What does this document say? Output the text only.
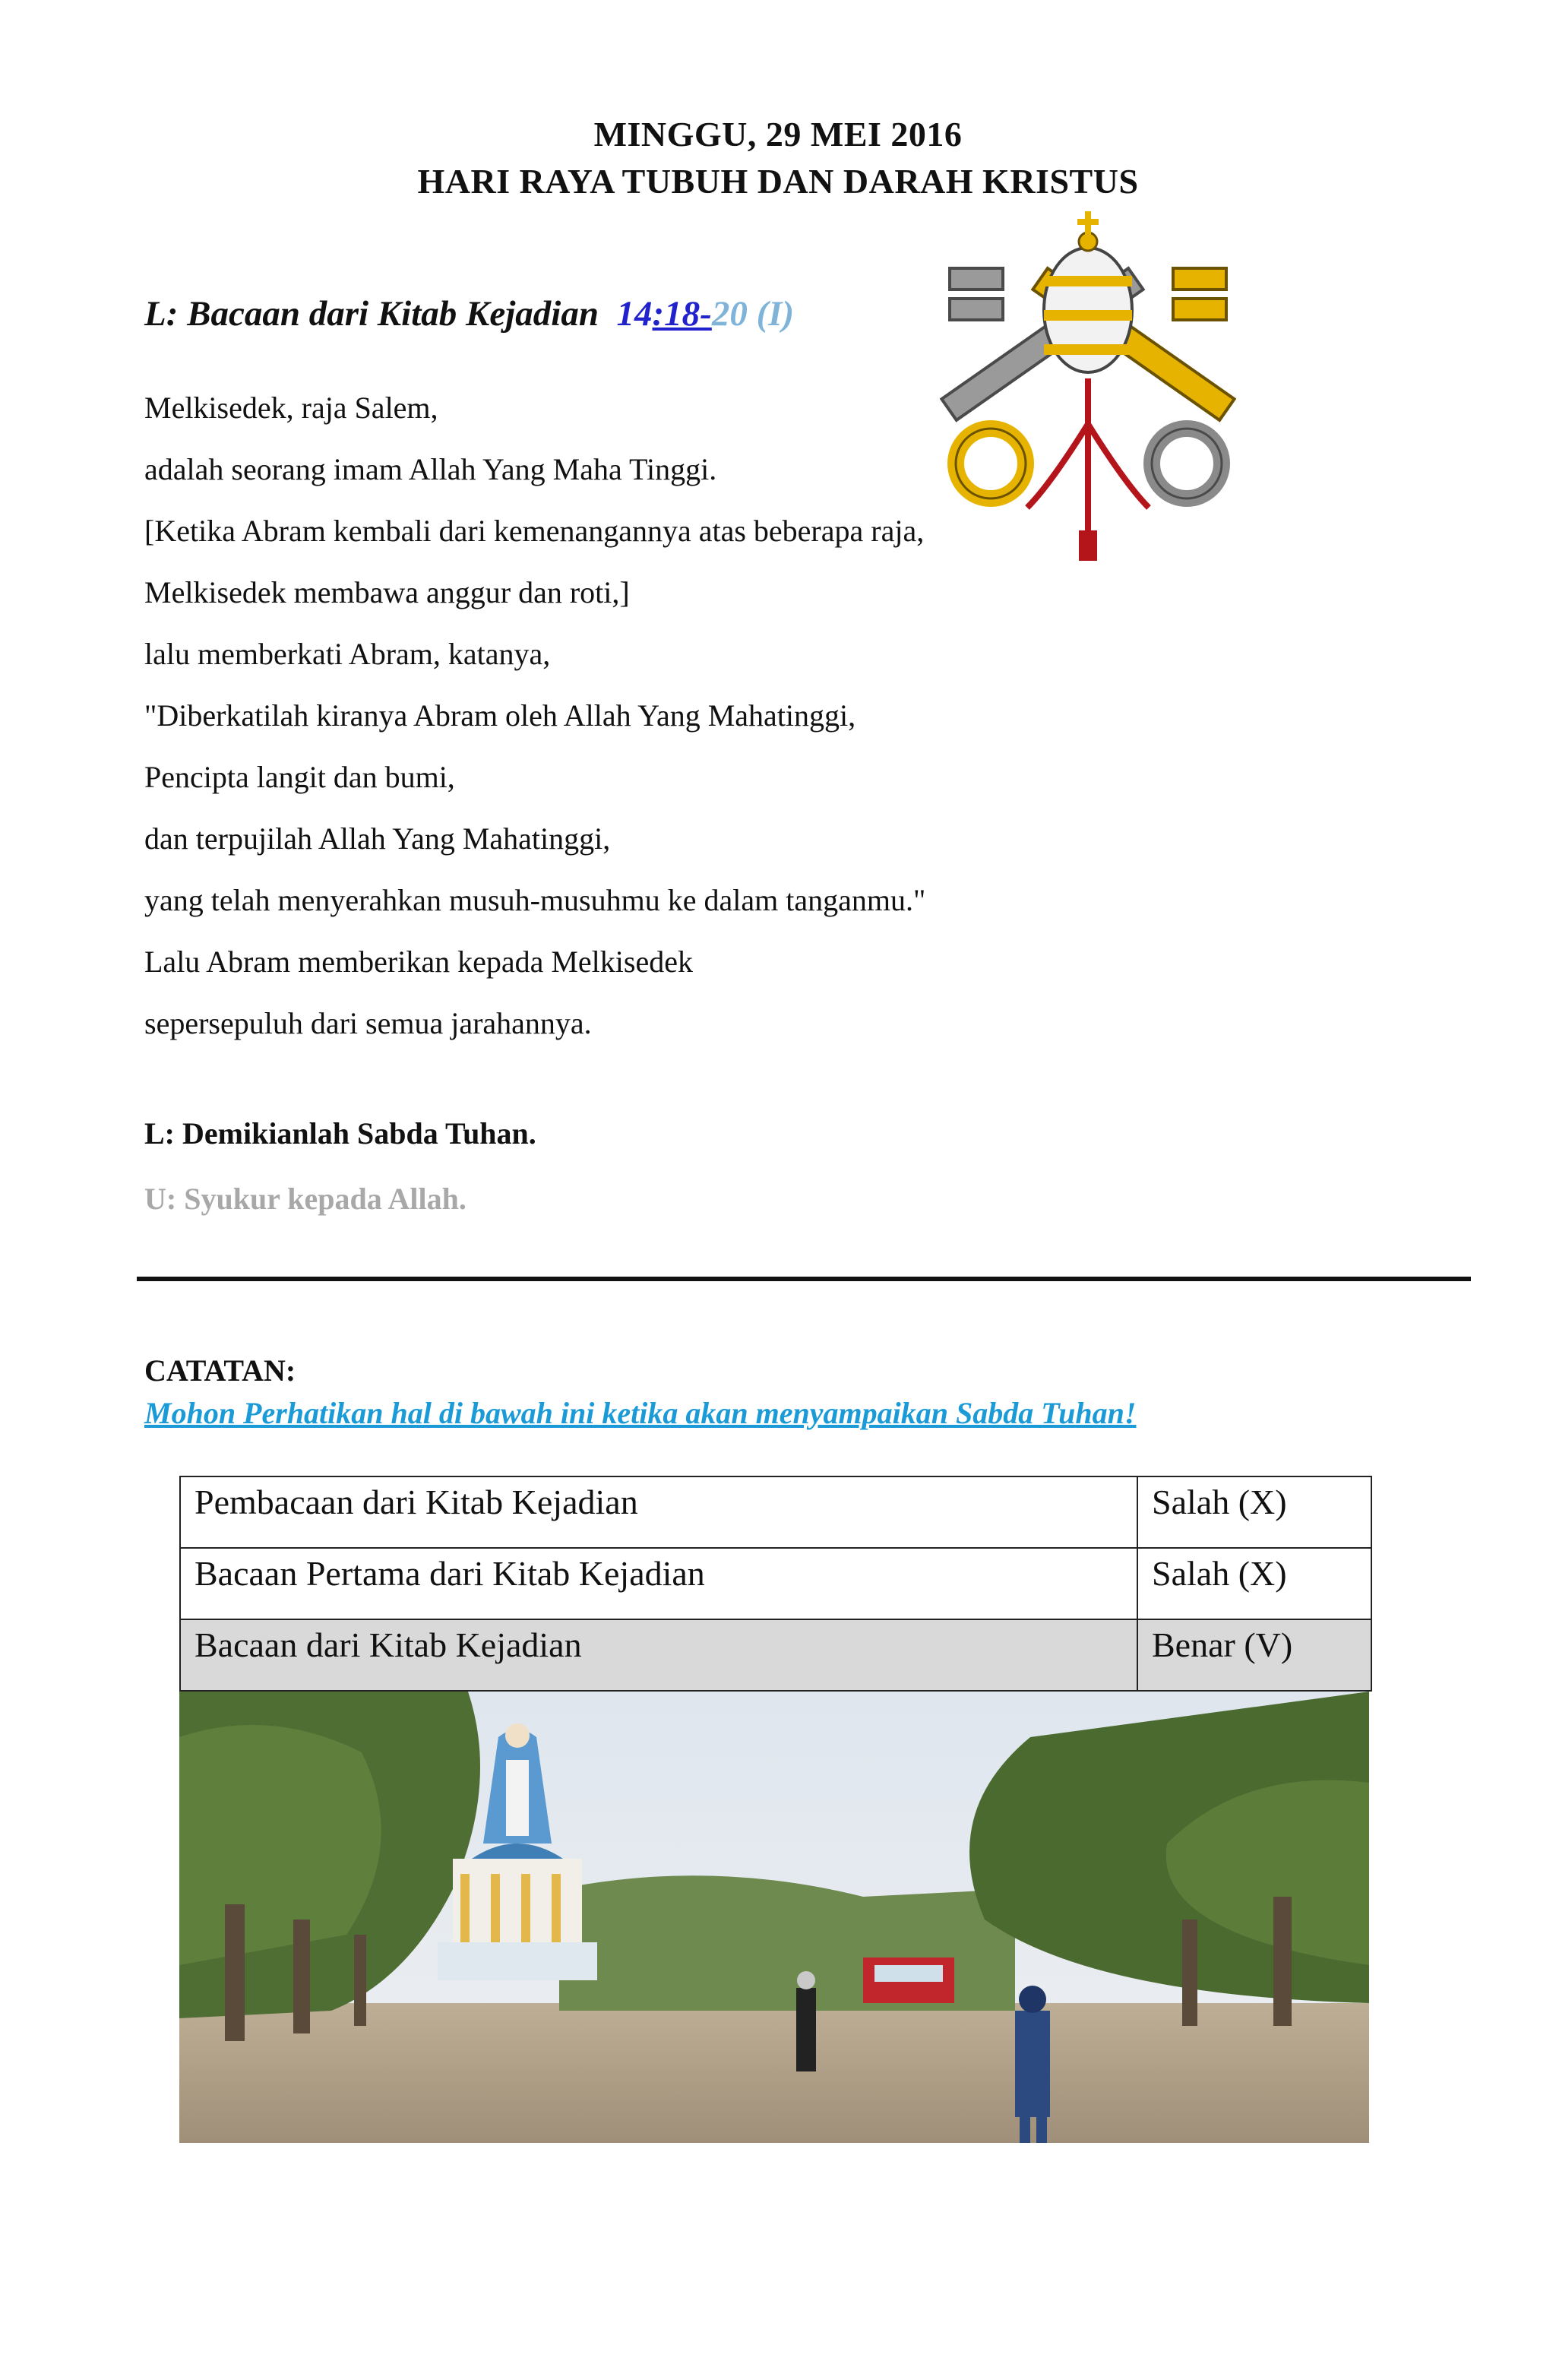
MINGGU, 29 MEI 2016
HARI RAYA TUBUH DAN DARAH KRISTUS
L: Bacaan dari Kitab Kejadian 14:18-20 (I)
Melkisedek, raja Salem,
adalah seorang imam Allah Yang Maha Tinggi.
[Ketika Abram kembali dari kemenangannya atas beberapa raja,
Melkisedek membawa anggur dan roti,]
lalu memberkati Abram, katanya,
"Diberkatilah kiranya Abram oleh Allah Yang Mahatinggi,
Pencipta langit dan bumi,
dan terpujilah Allah Yang Mahatinggi,
yang telah menyerahkan musuh-musuhmu ke dalam tanganmu."
Lalu Abram memberikan kepada Melkisedek
sepersepuluh dari semua jarahannya.
L: Demikianlah Sabda Tuhan.
U: Syukur kepada Allah.
CATATAN:
Mohon Perhatikan hal di bawah ini ketika akan menyampaikan Sabda Tuhan!
Pembacaan dari Kitab Kejadian	Salah (X)
Bacaan Pertama dari Kitab Kejadian	Salah (X)
Bacaan dari Kitab Kejadian	Benar (V)
